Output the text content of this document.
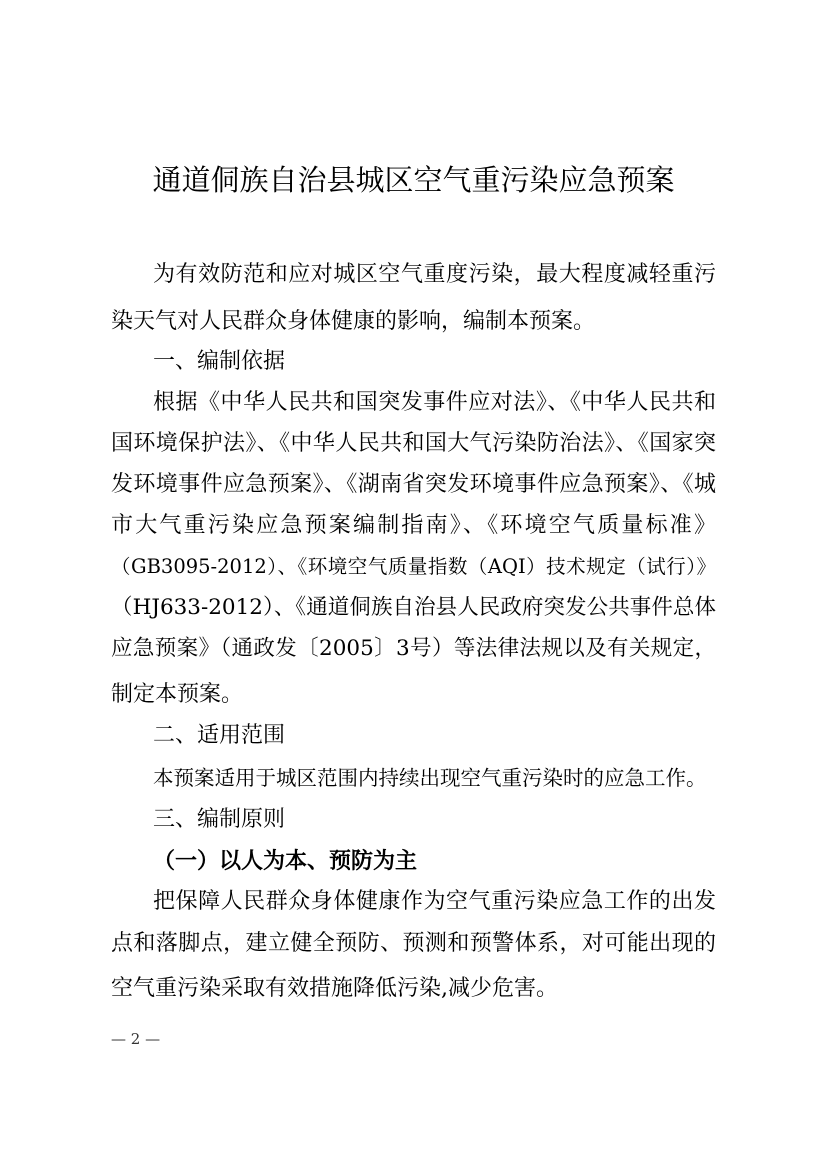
通道侗族自治县城区空气重污染应急预案
为有效防范和应对城区空气重度污染，最大程度减轻重污
染天气对人民群众身体健康的影响，编制本预案。
一、编制依据
根据《中华人民共和国突发事件应对法》、《中华人民共和
国环境保护法》、《中华人民共和国大气污染防治法》、《国家突
发环境事件应急预案》、《湖南省突发环境事件应急预案》、《城
市大气重污染应急预案编制指南》、《环境空气质量标准》
（GB3095-2012）、《环境空气质量指数（AQI）技术规定（试行）》
（HJ633-2012）、《通道侗族自治县人民政府突发公共事件总体
应急预案》（通政发〔2005〕3号）等法律法规以及有关规定，
制定本预案。
二、适用范围
本预案适用于城区范围内持续出现空气重污染时的应急工作。
三、编制原则
（一）以人为本、预防为主
把保障人民群众身体健康作为空气重污染应急工作的出发
点和落脚点，建立健全预防、预测和预警体系，对可能出现的
空气重污染采取有效措施降低污染,减少危害。
— 2 —
